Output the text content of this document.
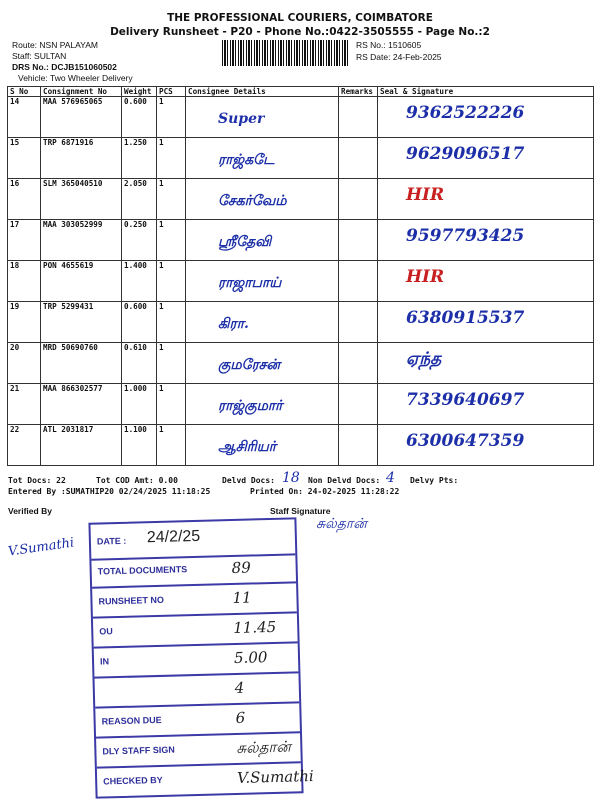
THE PROFESSIONAL COURIERS, COIMBATORE
Delivery Runsheet - P20 - Phone No.:0422-3505555 - Page No.:2
Route: NSN PALAYAM
Staff: SULTAN
DRS No.: DCJB151060502
Vehicle: Two Wheeler Delivery
RS No.: 1510605
RS Date: 24-Feb-2025
S No	Consignment No	Weight	PCS	Consignee Details	Remarks	Seal & Signature
14	MAA 576965065	0.600	1	Super		9362522226

15	TRP 6871916	1.250	1	ராஜ்கடே		9629096517

16	SLM 365040510	2.050	1	சேகர்வேம்		HIR

17	MAA 303052999	0.250	1	ஸ்ரீதேவி		9597793425

18	PON 4655619	1.400	1	ராஜாபாய்		HIR

19	TRP 5299431	0.600	1	கிரா.		6380915537

20	MRD 50690760	0.610	1	குமரேசன்		ஏந்த

21	MAA 866302577	1.000	1	ராஜ்குமார்		7339640697

22	ATL 2031817	1.100	1	ஆசிரியர்		6300647359
Tot Docs: 22	Tot COD Amt: 0.00	Delvd Docs: 18 Non Delvd Docs: 4 Delvy Pts:
Entered By :SUMATHIP20 02/24/2025 11:18:25	Printed On: 24-02-2025 11:28:22
Verified By	Staff Signature
V.Sumathi
சுல்தான்
DATE : 24/2/25
TOTAL DOCUMENTS	89
RUNSHEET NO	11
OU	11.45
IN	5.00
4
REASON DUE	6
DLY STAFF SIGN	சுல்தான்
CHECKED BY	V.Sumathi
